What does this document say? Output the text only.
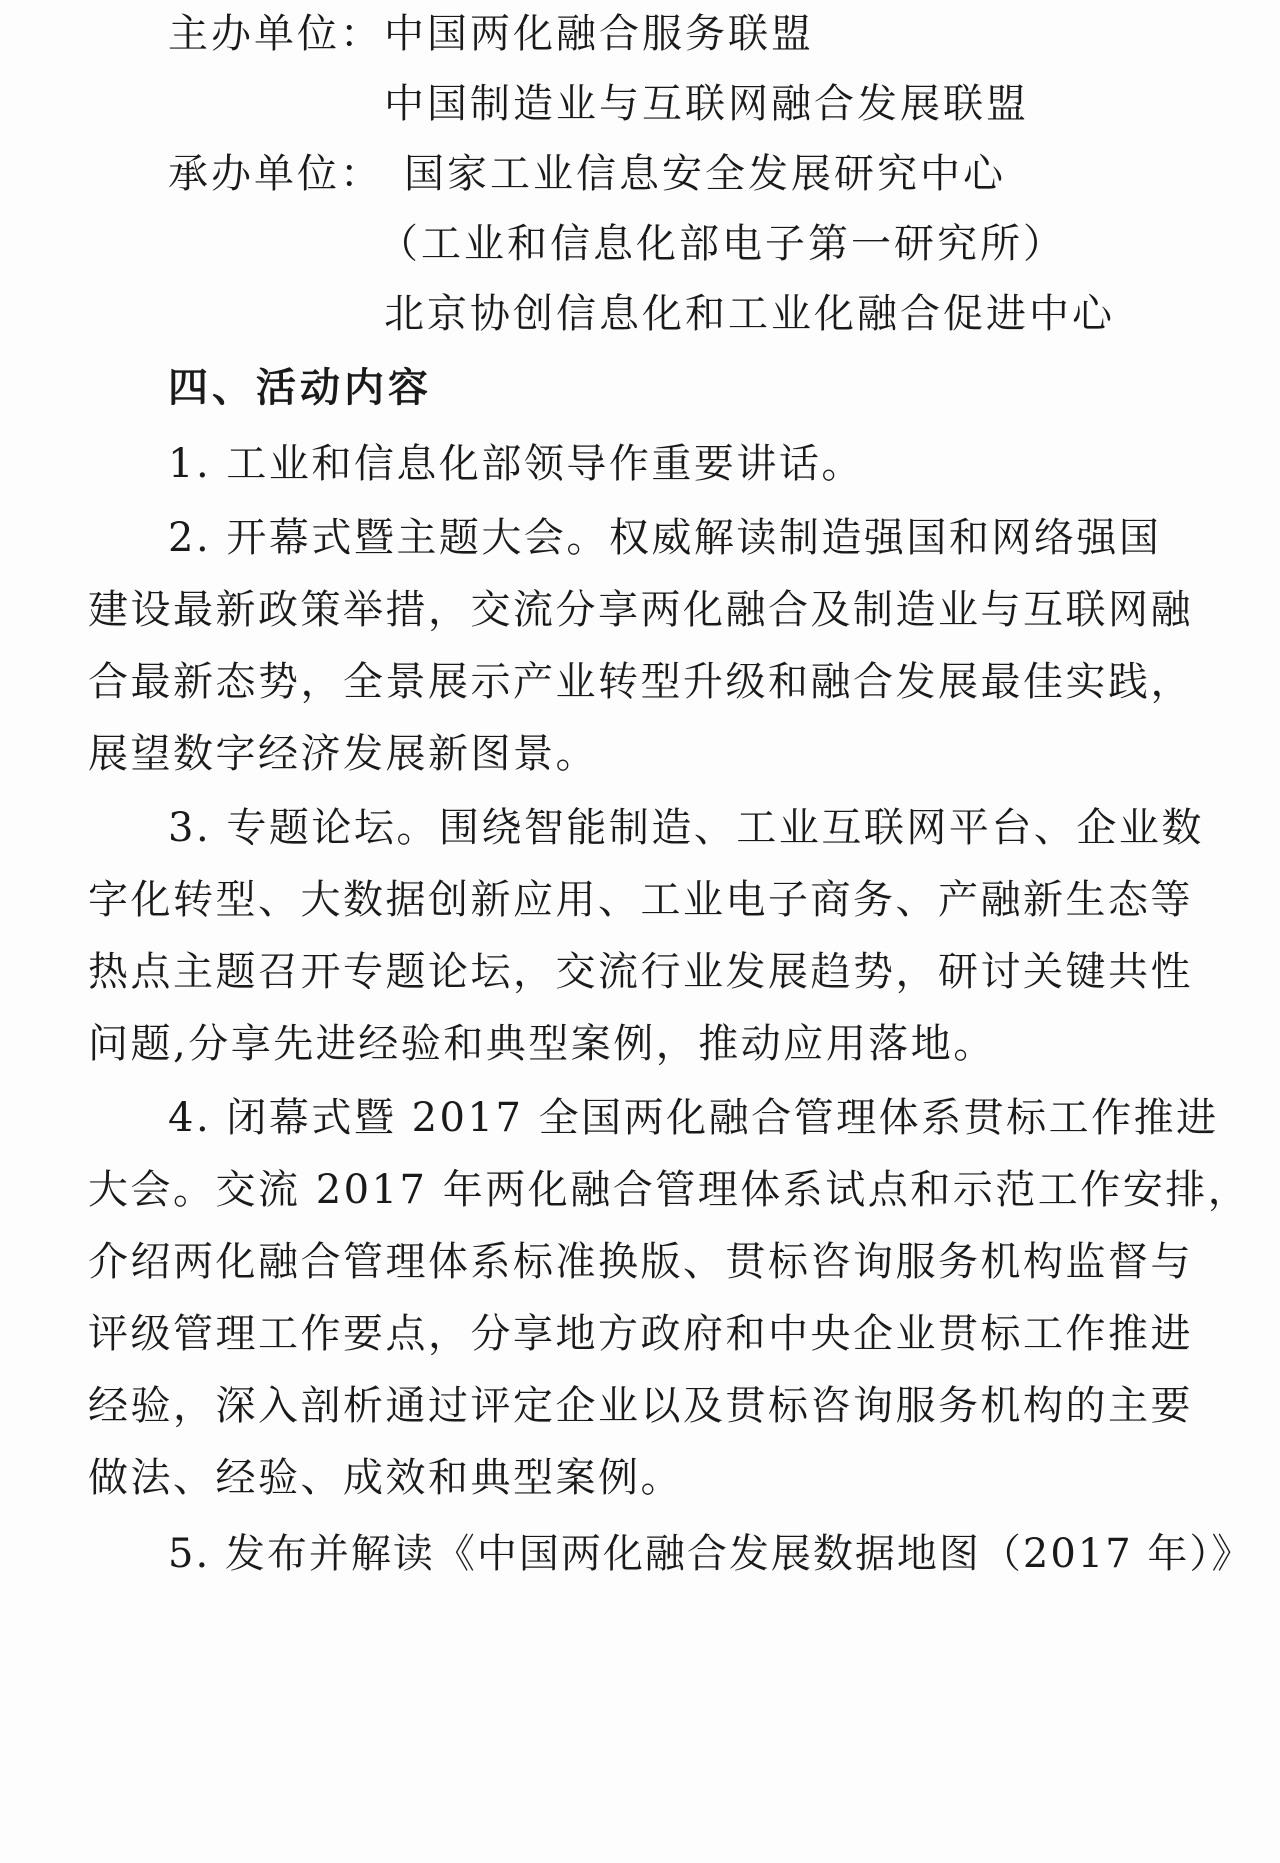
主办单位： 中国两化融合服务联盟
中国制造业与互联网融合发展联盟
承办单位： 国家工业信息安全发展研究中心
（工业和信息化部电子第一研究所）
北京协创信息化和工业化融合促进中心
四、活动内容
1. 工业和信息化部领导作重要讲话。
2. 开幕式暨主题大会。权威解读制造强国和网络强国
建设最新政策举措，交流分享两化融合及制造业与互联网融
合最新态势，全景展示产业转型升级和融合发展最佳实践，
展望数字经济发展新图景。
3. 专题论坛。围绕智能制造、工业互联网平台、企业数
字化转型、大数据创新应用、工业电子商务、产融新生态等
热点主题召开专题论坛，交流行业发展趋势，研讨关键共性
问题,分享先进经验和典型案例，推动应用落地。
4. 闭幕式暨 2017 全国两化融合管理体系贯标工作推进
大会。交流 2017 年两化融合管理体系试点和示范工作安排，
介绍两化融合管理体系标准换版、贯标咨询服务机构监督与
评级管理工作要点，分享地方政府和中央企业贯标工作推进
经验，深入剖析通过评定企业以及贯标咨询服务机构的主要
做法、经验、成效和典型案例。
5. 发布并解读《中国两化融合发展数据地图（2017 年）》
